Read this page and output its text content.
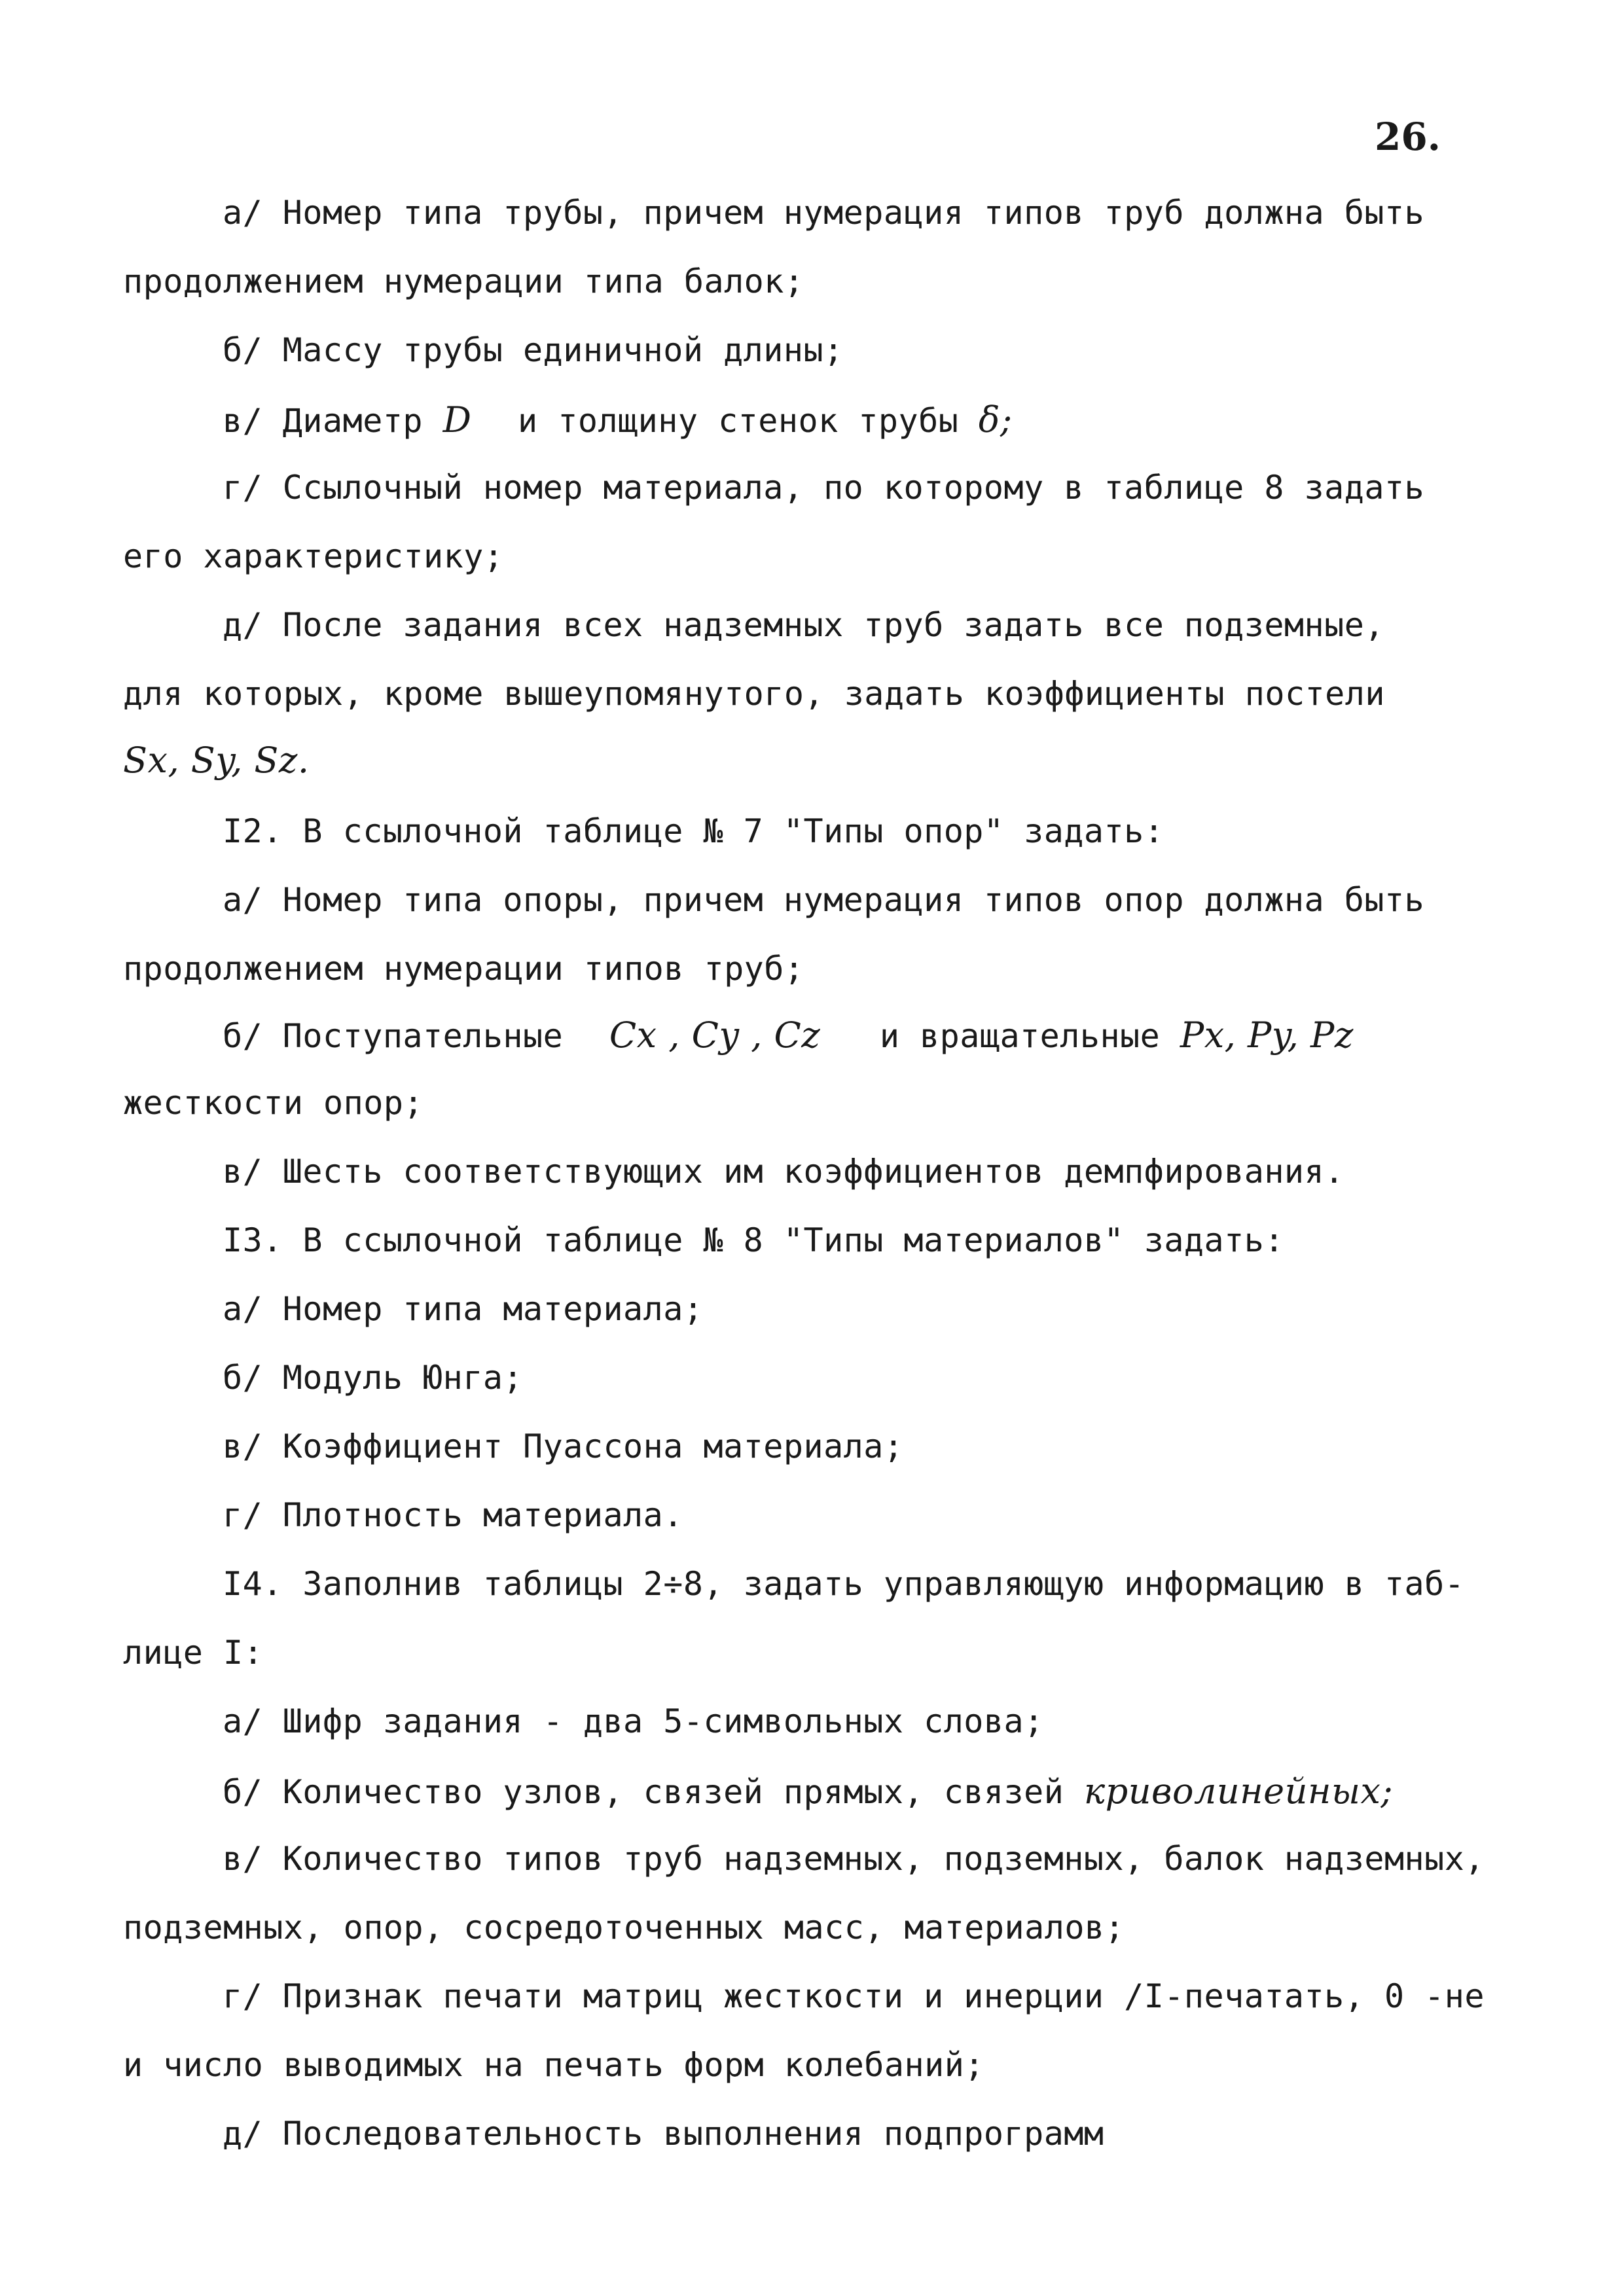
26.
а/ Номер типа трубы, причем нумерация типов труб должна быть
продолжением нумерации типа балок;
б/ Массу трубы единичной длины;
в/ Диаметр D и толщину стенок трубы δ;
г/ Ссылочный номер материала, по которому в таблице 8 задать
его характеристику;
д/ После задания всех надземных труб задать все подземные,
для которых, кроме вышеупомянутого, задать коэффициенты постели
Sx, Sy, Sz.
I2. В ссылочной таблице № 7 "Типы опор" задать:
а/ Номер типа опоры, причем нумерация типов опор должна быть
продолжением нумерации типов труб;
б/ Поступательные Cx , Cy , Cz и вращательные Px, Py, Pz
жесткости опор;
в/ Шесть соответствующих им коэффициентов демпфирования.
I3. В ссылочной таблице № 8 "Типы материалов" задать:
а/ Номер типа материала;
б/ Модуль Юнга;
в/ Коэффициент Пуассона материала;
г/ Плотность материала.
I4. Заполнив таблицы 2÷8, задать управляющую информацию в таб-
лице I:
а/ Шифр задания - два 5-символьных слова;
б/ Количество узлов, связей прямых, связей криволинейных;
в/ Количество типов труб надземных, подземных, балок надземных,
подземных, опор, сосредоточенных масс, материалов;
г/ Признак печати матриц жесткости и инерции /I-печатать, 0 -не
и число выводимых на печать форм колебаний;
д/ Последовательность выполнения подпрограмм
